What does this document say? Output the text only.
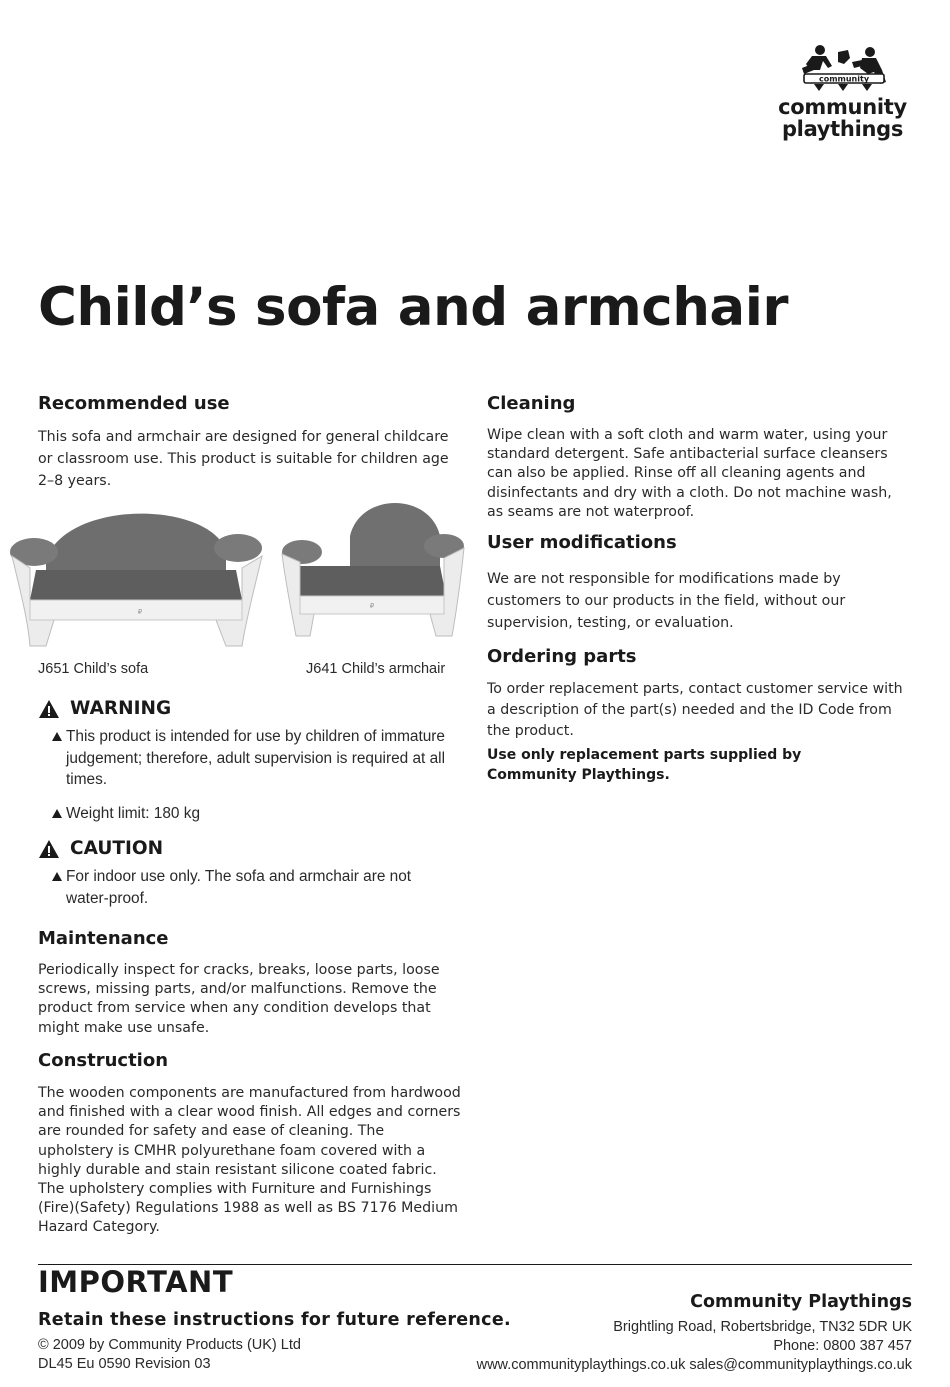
community
community
playthings
Child’s sofa and armchair
Recommended use
This sofa and armchair are designed for general childcare or classroom use. This product is suitable for children age 2–8 years.
₽
₽
J651 Child’s sofa	J641 Child’s armchair
WARNING
This product is intended for use by children of immature judgement; therefore, adult supervision is required at all times.
Weight limit: 180 kg
CAUTION
For indoor use only. The sofa and armchair are not water-proof.
Maintenance
Periodically inspect for cracks, breaks, loose parts, loose screws, missing parts, and/or malfunctions. Remove the product from service when any condition develops that might make use unsafe.
Construction
The wooden components are manufactured from hardwood and finished with a clear wood finish. All edges and corners are rounded for safety and ease of cleaning. The upholstery is CMHR polyurethane foam covered with a highly durable and stain resistant silicone coated fabric. The upholstery complies with Furniture and Furnishings (Fire)(Safety) Regulations 1988 as well as BS 7176 Medium Hazard Category.
Cleaning
Wipe clean with a soft cloth and warm water, using your standard detergent. Safe antibacterial surface cleansers can also be applied. Rinse off all cleaning agents and disinfectants and dry with a cloth. Do not machine wash, as seams are not waterproof.
User modifications
We are not responsible for modifications made by customers to our products in the field, without our supervision, testing, or evaluation.
Ordering parts
To order replacement parts, contact customer service with a description of the part(s) needed and the ID Code from the product.
Use only replacement parts supplied by Community Playthings.
IMPORTANT
Retain these instructions for future reference.
© 2009 by Community Products (UK) Ltd
DL45 Eu 0590 Revision 03
Community Playthings
Brightling Road, Robertsbridge, TN32 5DR UK
Phone: 0800 387 457
www.communityplaythings.co.uk sales@communityplaythings.co.uk
